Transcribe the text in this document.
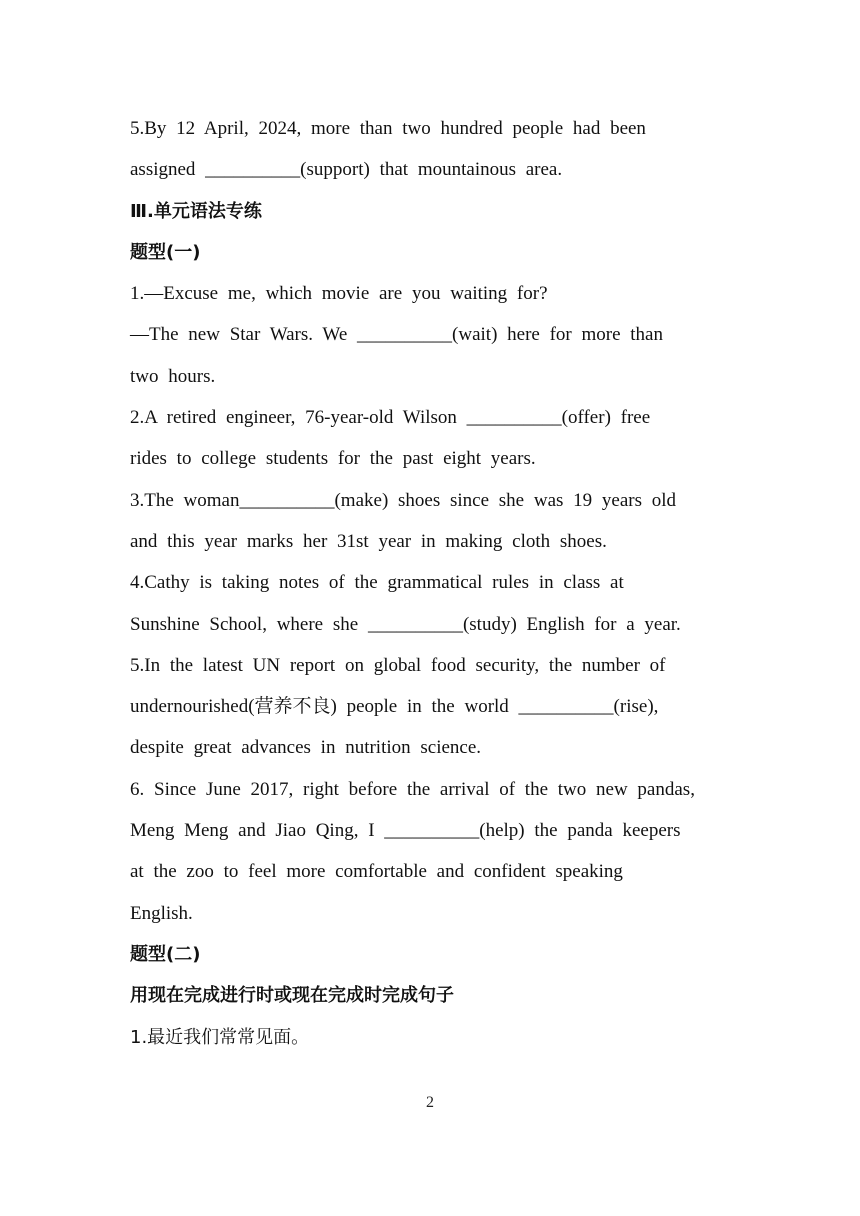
5.By 12 April, 2024, more than two hundred people had been
assigned __________(support) that mountainous area.
Ⅲ.单元语法专练
题型(一)
1.—Excuse me, which movie are you waiting for?
—The new Star Wars. We __________(wait) here for more than
two hours.
2.A retired engineer, 76-year-old Wilson __________(offer) free
rides to college students for the past eight years.
3.The woman__________(make) shoes since she was 19 years old
and this year marks her 31st year in making cloth shoes.
4.Cathy is taking notes of the grammatical rules in class at
Sunshine School, where she __________(study) English for a year.
5.In the latest UN report on global food security, the number of
undernourished(营养不良) people in the world __________(rise),
despite great advances in nutrition science.
6. Since June 2017, right before the arrival of the two new pandas,
Meng Meng and Jiao Qing, I __________(help) the panda keepers
at the zoo to feel more comfortable and confident speaking
English.
题型(二)
用现在完成进行时或现在完成时完成句子
1.最近我们常常见面。
2
